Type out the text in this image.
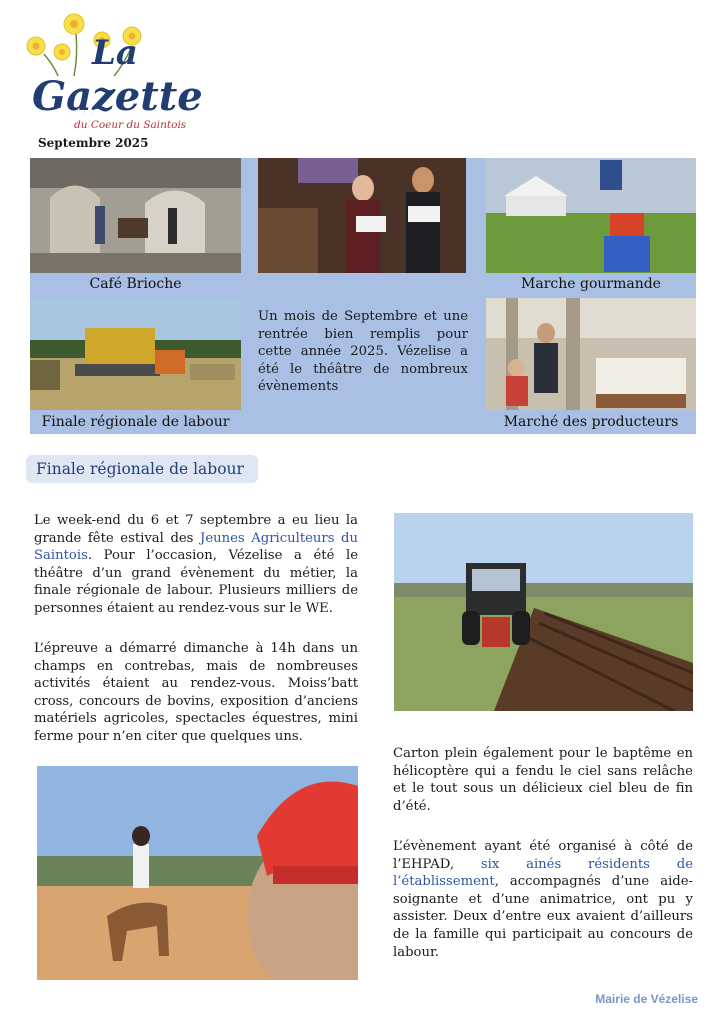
La
Gazette
du Coeur du Saintois
Septembre 2025
Café Brioche	Marche gourmande
Un mois de Septembre et une rentrée bien remplis pour cette année 2025. Vézelise a été le théâtre de nombreux évènements
Finale régionale de labour	Marché des producteurs
Finale régionale de labour
Le week-end du 6 et 7 septembre a eu lieu la grande fête estival des Jeunes Agriculteurs du Saintois. Pour l’occasion, Vézelise a été le théâtre d’un grand évènement du métier, la finale régionale de labour. Plusieurs milliers de personnes étaient au rendez-vous sur le WE.
L’épreuve a démarré dimanche à 14h dans un champs en contrebas, mais de nombreuses activités étaient au rendez-vous. Moiss’batt cross, concours de bovins, exposition d’anciens matériels agricoles, spectacles équestres, mini ferme pour n’en citer que quelques uns.
Carton plein également pour le baptême en hélicoptère qui a fendu le ciel sans relâche et le tout sous un délicieux ciel bleu de fin d’été.
L’évènement ayant été organisé à côté de l’EHPAD, six ainés résidents de l’établissement, accompagnés d’une aide-soignante et d’une animatrice, ont pu y assister. Deux d’entre eux avaient d’ailleurs de la famille qui participait au concours de labour.
Mairie de Vézelise
